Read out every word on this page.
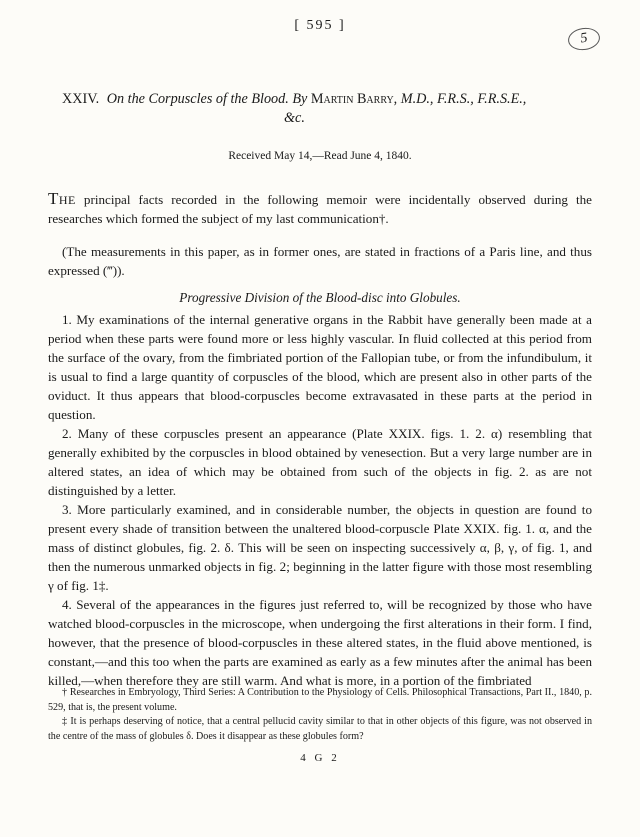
[ 595 ]
5
XXIV. On the Corpuscles of the Blood. By Martin Barry, M.D., F.R.S., F.R.S.E.,
&c.
Received May 14,—Read June 4, 1840.
The principal facts recorded in the following memoir were incidentally observed during the researches which formed the subject of my last communication†.

(The measurements in this paper, as in former ones, are stated in fractions of a Paris line, and thus expressed (‴)).

Progressive Division of the Blood-disc into Globules.

1. My examinations of the internal generative organs in the Rabbit have generally been made at a period when these parts were found more or less highly vascular. In fluid collected at this period from the surface of the ovary, from the fimbriated portion of the Fallopian tube, or from the infundibulum, it is usual to find a large quantity of corpuscles of the blood, which are present also in other parts of the oviduct. It thus appears that blood-corpuscles become extravasated in these parts at the period in question.

2. Many of these corpuscles present an appearance (Plate XXIX. figs. 1. 2. α) resembling that generally exhibited by the corpuscles in blood obtained by venesection. But a very large number are in altered states, an idea of which may be obtained from such of the objects in fig. 2. as are not distinguished by a letter.

3. More particularly examined, and in considerable number, the objects in question are found to present every shade of transition between the unaltered blood-corpuscle Plate XXIX. fig. 1. α, and the mass of distinct globules, fig. 2. δ. This will be seen on inspecting successively α, β, γ, of fig. 1, and then the numerous unmarked objects in fig. 2; beginning in the latter figure with those most resembling γ of fig. 1‡.

4. Several of the appearances in the figures just referred to, will be recognized by those who have watched blood-corpuscles in the microscope, when undergoing the first alterations in their form. I find, however, that the presence of blood-corpuscles in these altered states, in the fluid above mentioned, is constant,—and this too when the parts are examined as early as a few minutes after the animal has been killed,—when therefore they are still warm. And what is more, in a portion of the fimbriated

† Researches in Embryology, Third Series: A Contribution to the Physiology of Cells. Philosophical Transactions, Part II., 1840, p. 529, that is, the present volume.

‡ It is perhaps deserving of notice, that a central pellucid cavity similar to that in other objects of this figure, was not observed in the centre of the mass of globules δ. Does it disappear as these globules form?

4 G 2
